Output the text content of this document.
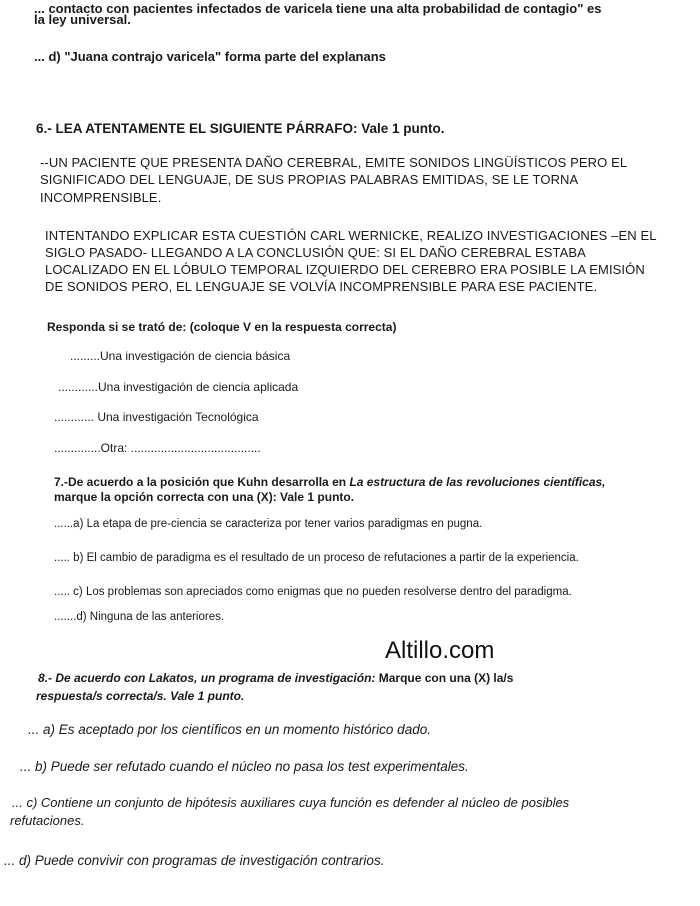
... contacto con pacientes infectados de varicela tiene una alta probabilidad de contagio" es
la ley universal.
... d) "Juana contrajo varicela" forma parte del explanans
6.- LEA ATENTAMENTE EL SIGUIENTE PÁRRAFO: Vale 1 punto.
--UN PACIENTE QUE PRESENTA DAÑO CEREBRAL, EMITE SONIDOS LINGÜÍSTICOS PERO EL
SIGNIFICADO DEL LENGUAJE, DE SUS PROPIAS PALABRAS EMITIDAS, SE LE TORNA
INCOMPRENSIBLE.
INTENTANDO EXPLICAR ESTA CUESTIÓN CARL WERNICKE, REALIZO INVESTIGACIONES –EN EL
SIGLO PASADO- LLEGANDO A LA CONCLUSIÓN QUE: SI EL DAÑO CEREBRAL ESTABA
LOCALIZADO EN EL LÓBULO TEMPORAL IZQUIERDO DEL CEREBRO ERA POSIBLE LA EMISIÓN
DE SONIDOS PERO, EL LENGUAJE SE VOLVÍA INCOMPRENSIBLE PARA ESE PACIENTE.
Responda si se trató de: (coloque V en la respuesta correcta)
.........Una investigación de ciencia básica
............Una investigación de ciencia aplicada
............ Una investigación Tecnológica
..............Otra: .......................................
7.-De acuerdo a la posición que Kuhn desarrolla en La estructura de las revoluciones científicas,
marque la opción correcta con una (X): Vale 1 punto.
......a) La etapa de pre-ciencia se caracteriza por tener varios paradigmas en pugna.
..... b) El cambio de paradigma es el resultado de un proceso de refutaciones a partir de la experiencia.
..... c) Los problemas son apreciados como enigmas que no pueden resolverse dentro del paradigma.
.......d) Ninguna de las anteriores.
Altillo.com
8.- De acuerdo con Lakatos, un programa de investigación: Marque con una (X) la/s
respuesta/s correcta/s. Vale 1 punto.
... a) Es aceptado por los científicos en un momento histórico dado.
... b) Puede ser refutado cuando el núcleo no pasa los test experimentales.
... c) Contiene un conjunto de hipótesis auxiliares cuya función es defender al núcleo de posibles
refutaciones.
... d) Puede convivir con programas de investigación contrarios.
